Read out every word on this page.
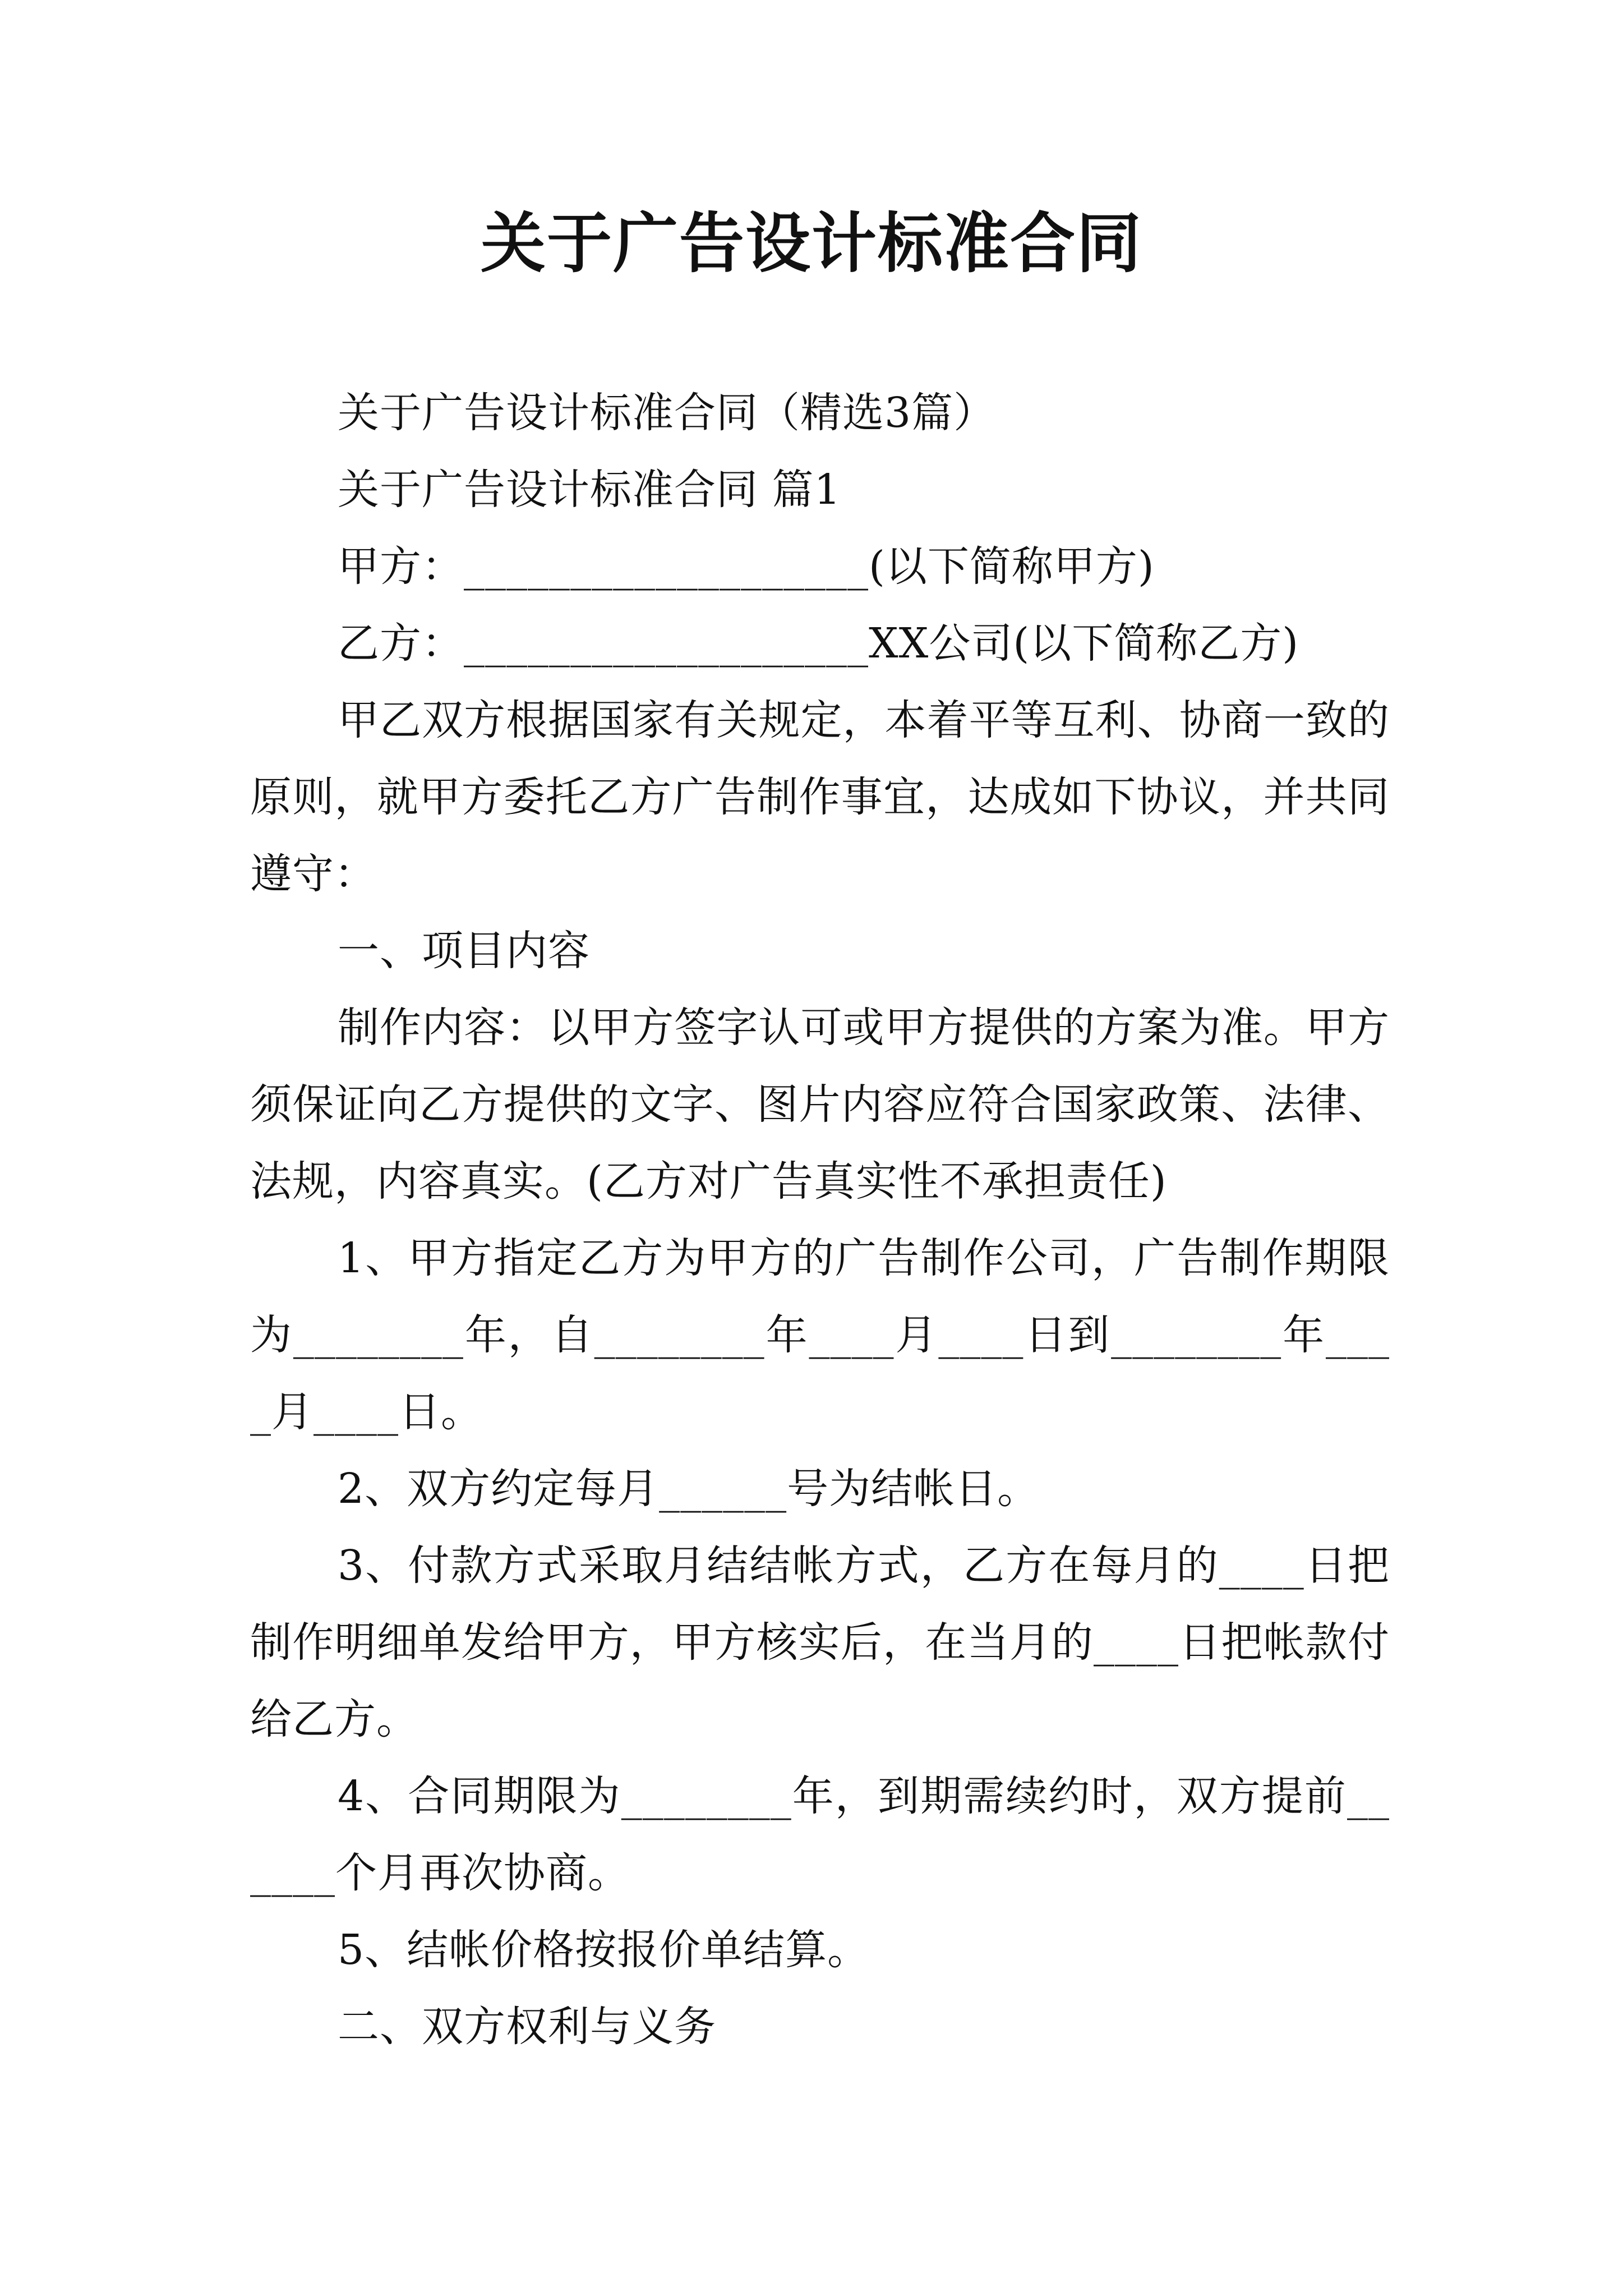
关于广告设计标准合同
关于广告设计标准合同（精选3篇）
关于广告设计标准合同 篇1
甲方：___________________(以下简称甲方)
乙方：___________________XX公司(以下简称乙方)
甲乙双方根据国家有关规定，本着平等互利、协商一致的原则，就甲方委托乙方广告制作事宜，达成如下协议，并共同遵守：
一、项目内容
制作内容：以甲方签字认可或甲方提供的方案为准。甲方须保证向乙方提供的文字、图片内容应符合国家政策、法律、法规，内容真实。(乙方对广告真实性不承担责任)
1、甲方指定乙方为甲方的广告制作公司，广告制作期限为________年，自________年____月____日到________年____月____日。
2、双方约定每月______号为结帐日。
3、付款方式采取月结结帐方式，乙方在每月的____日把制作明细单发给甲方，甲方核实后，在当月的____日把帐款付给乙方。
4、合同期限为________年，到期需续约时，双方提前______个月再次协商。
5、结帐价格按报价单结算。
二、双方权利与义务
